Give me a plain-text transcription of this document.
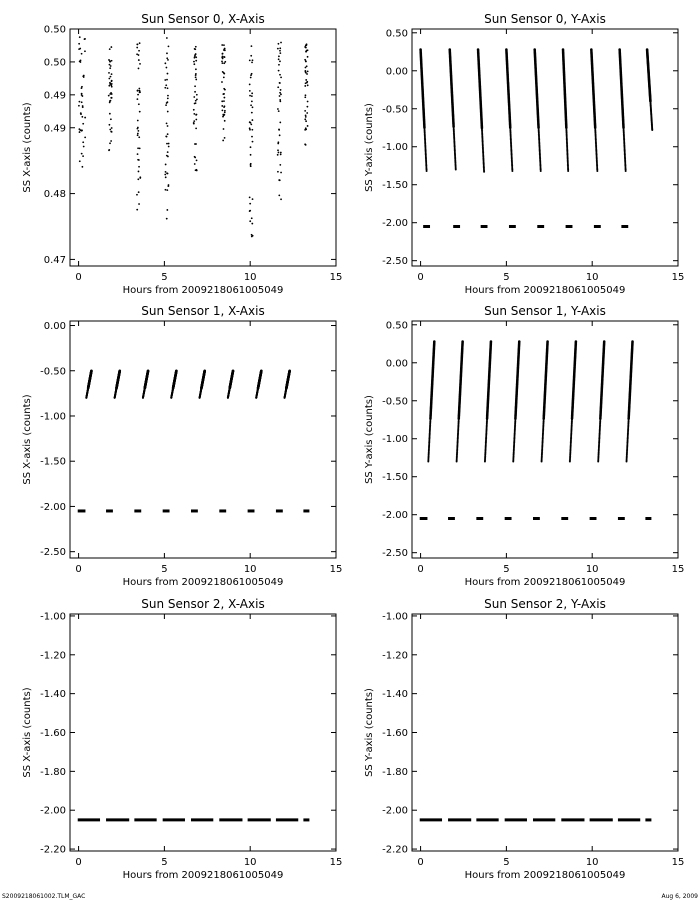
Sun Sensor 0, X-Axis
Hours from 2009218061005049
SS X-axis (counts)
0	5	10	15
0.47
0.48
0.49
0.49
0.50
0.50
Sun Sensor 0, Y-Axis
Hours from 2009218061005049
SS Y-axis (counts)
0	5	10	15
-2.50
-2.00
-1.50
-1.00
-0.50
0.00
0.50
Sun Sensor 1, X-Axis
Hours from 2009218061005049
SS X-axis (counts)
0	5	10	15
-2.50
-2.00
-1.50
-1.00
-0.50
0.00
Sun Sensor 1, Y-Axis
Hours from 2009218061005049
SS Y-axis (counts)
0	5	10	15
-2.50
-2.00
-1.50
-1.00
-0.50
0.00
0.50
Sun Sensor 2, X-Axis
Hours from 2009218061005049
SS X-axis (counts)
0	5	10	15
-2.20
-2.00
-1.80
-1.60
-1.40
-1.20
-1.00
Sun Sensor 2, Y-Axis
Hours from 2009218061005049
SS Y-axis (counts)
0	5	10	15
-2.20
-2.00
-1.80
-1.60
-1.40
-1.20
-1.00
S2009218061002.TLM_GAC	Aug 6, 2009
